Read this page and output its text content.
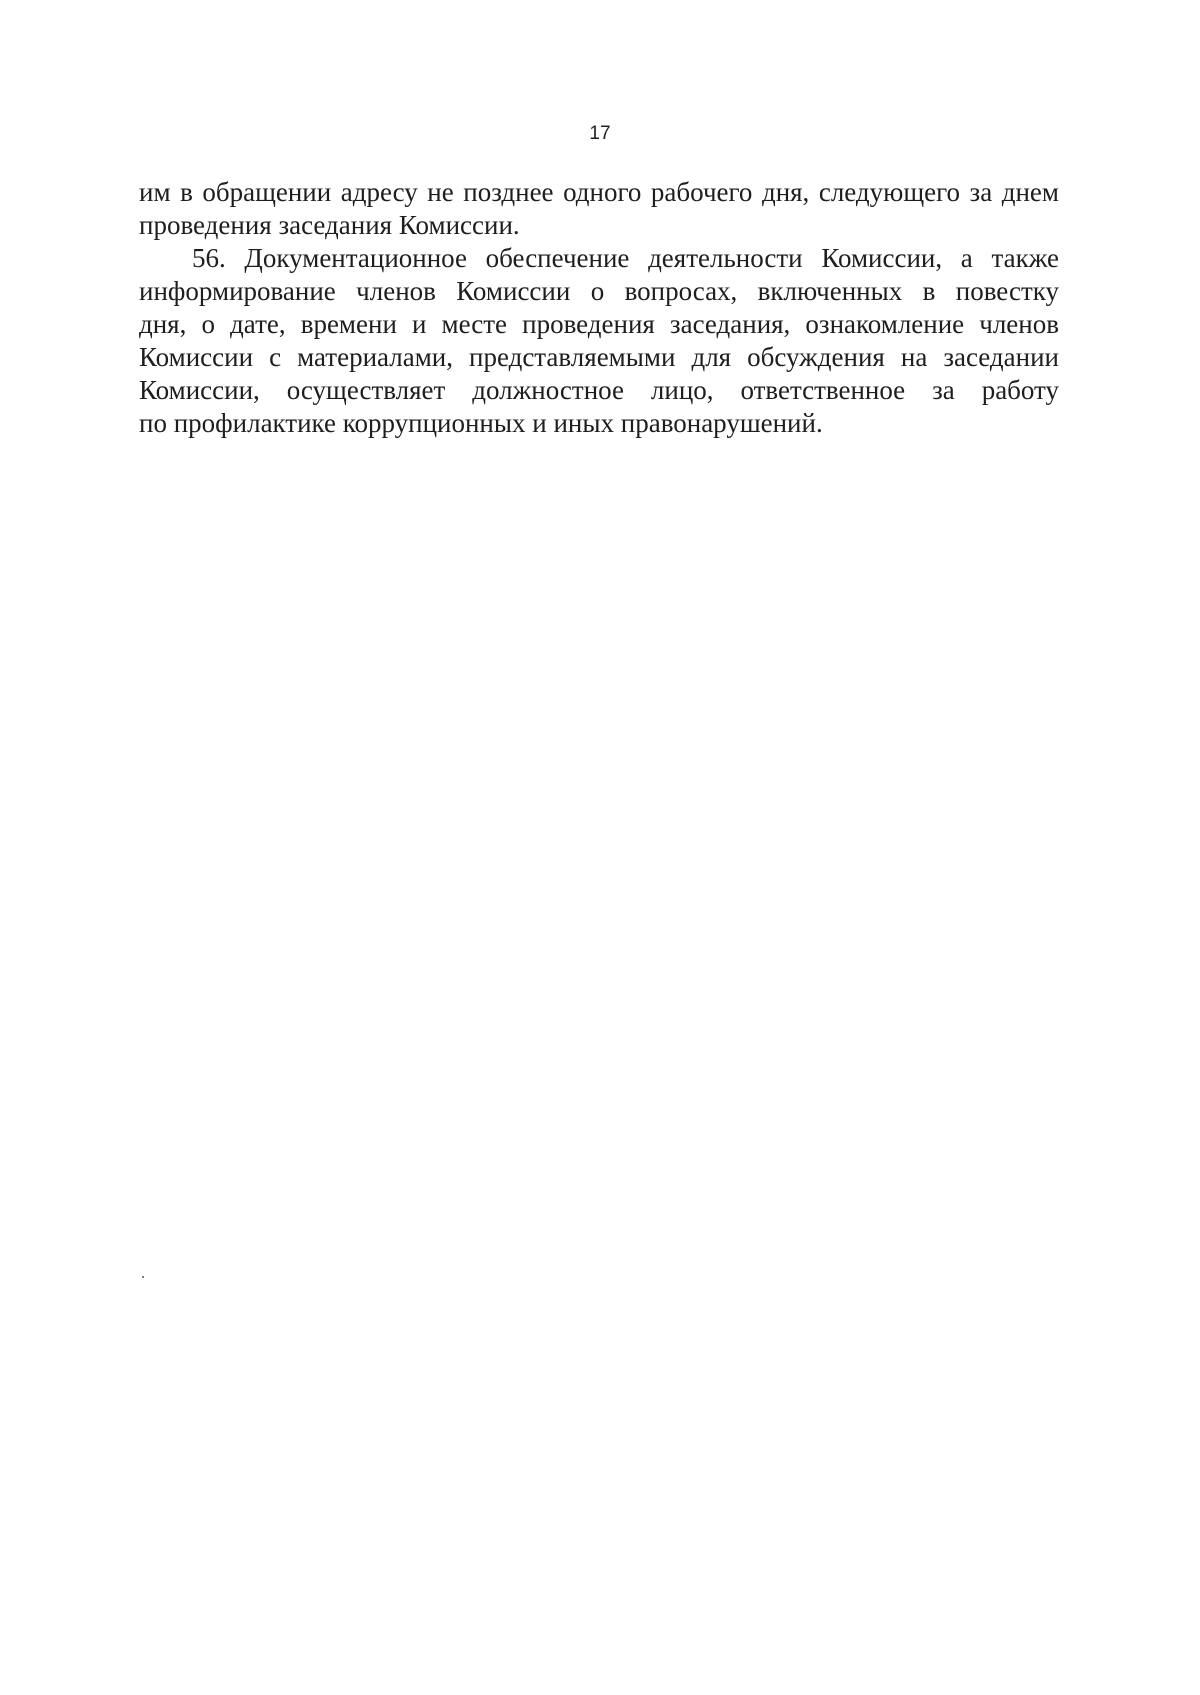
17
им в обращении адресу не позднее одного рабочего дня, следующего за днем
проведения заседания Комиссии.
56. Документационное обеспечение деятельности Комиссии, а также
информирование членов Комиссии о вопросах, включенных в повестку
дня, о дате, времени и месте проведения заседания, ознакомление членов
Комиссии с материалами, представляемыми для обсуждения на заседании
Комиссии, осуществляет должностное лицо, ответственное за работу
по профилактике коррупционных и иных правонарушений.
